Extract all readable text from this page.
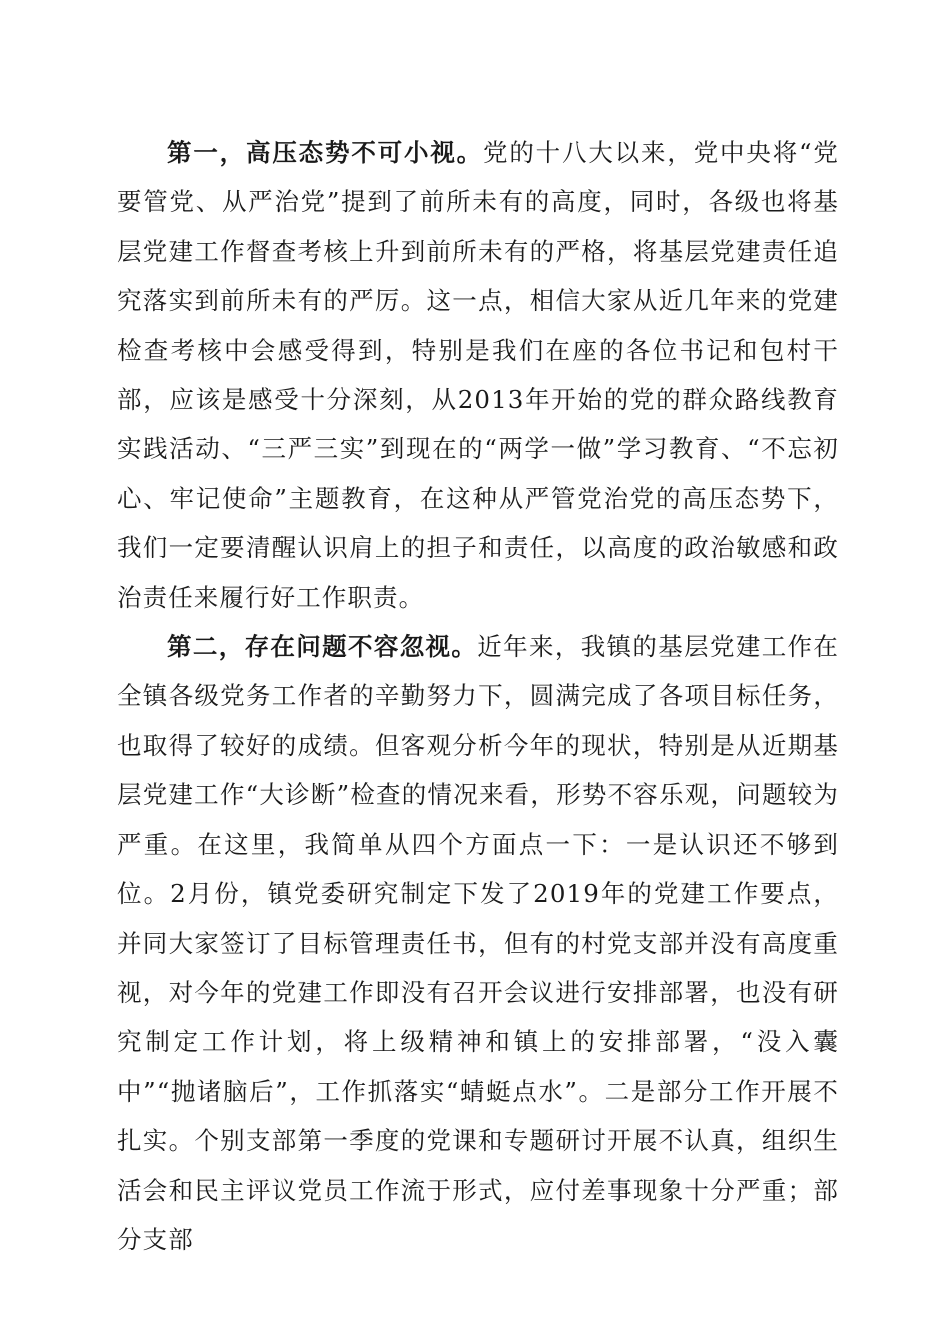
第一，高压态势不可小视。党的十八大以来，党中央将“党要管党、从严治党”提到了前所未有的高度，同时，各级也将基层党建工作督查考核上升到前所未有的严格，将基层党建责任追究落实到前所未有的严厉。这一点，相信大家从近几年来的党建检查考核中会感受得到，特别是我们在座的各位书记和包村干部，应该是感受十分深刻，从2013年开始的党的群众路线教育实践活动、“三严三实”到现在的“两学一做”学习教育、“不忘初心、牢记使命”主题教育，在这种从严管党治党的高压态势下，我们一定要清醒认识肩上的担子和责任，以高度的政治敏感和政治责任来履行好工作职责。

第二，存在问题不容忽视。近年来，我镇的基层党建工作在全镇各级党务工作者的辛勤努力下，圆满完成了各项目标任务，也取得了较好的成绩。但客观分析今年的现状，特别是从近期基层党建工作“大诊断”检查的情况来看，形势不容乐观，问题较为严重。在这里，我简单从四个方面点一下：一是认识还不够到位。2月份，镇党委研究制定下发了2019年的党建工作要点，并同大家签订了目标管理责任书，但有的村党支部并没有高度重视，对今年的党建工作即没有召开会议进行安排部署，也没有研究制定工作计划，将上级精神和镇上的安排部署，“没入囊中”“抛诸脑后”，工作抓落实“蜻蜓点水”。二是部分工作开展不扎实。个别支部第一季度的党课和专题研讨开展不认真，组织生活会和民主评议党员工作流于形式，应付差事现象十分严重；部分支部
